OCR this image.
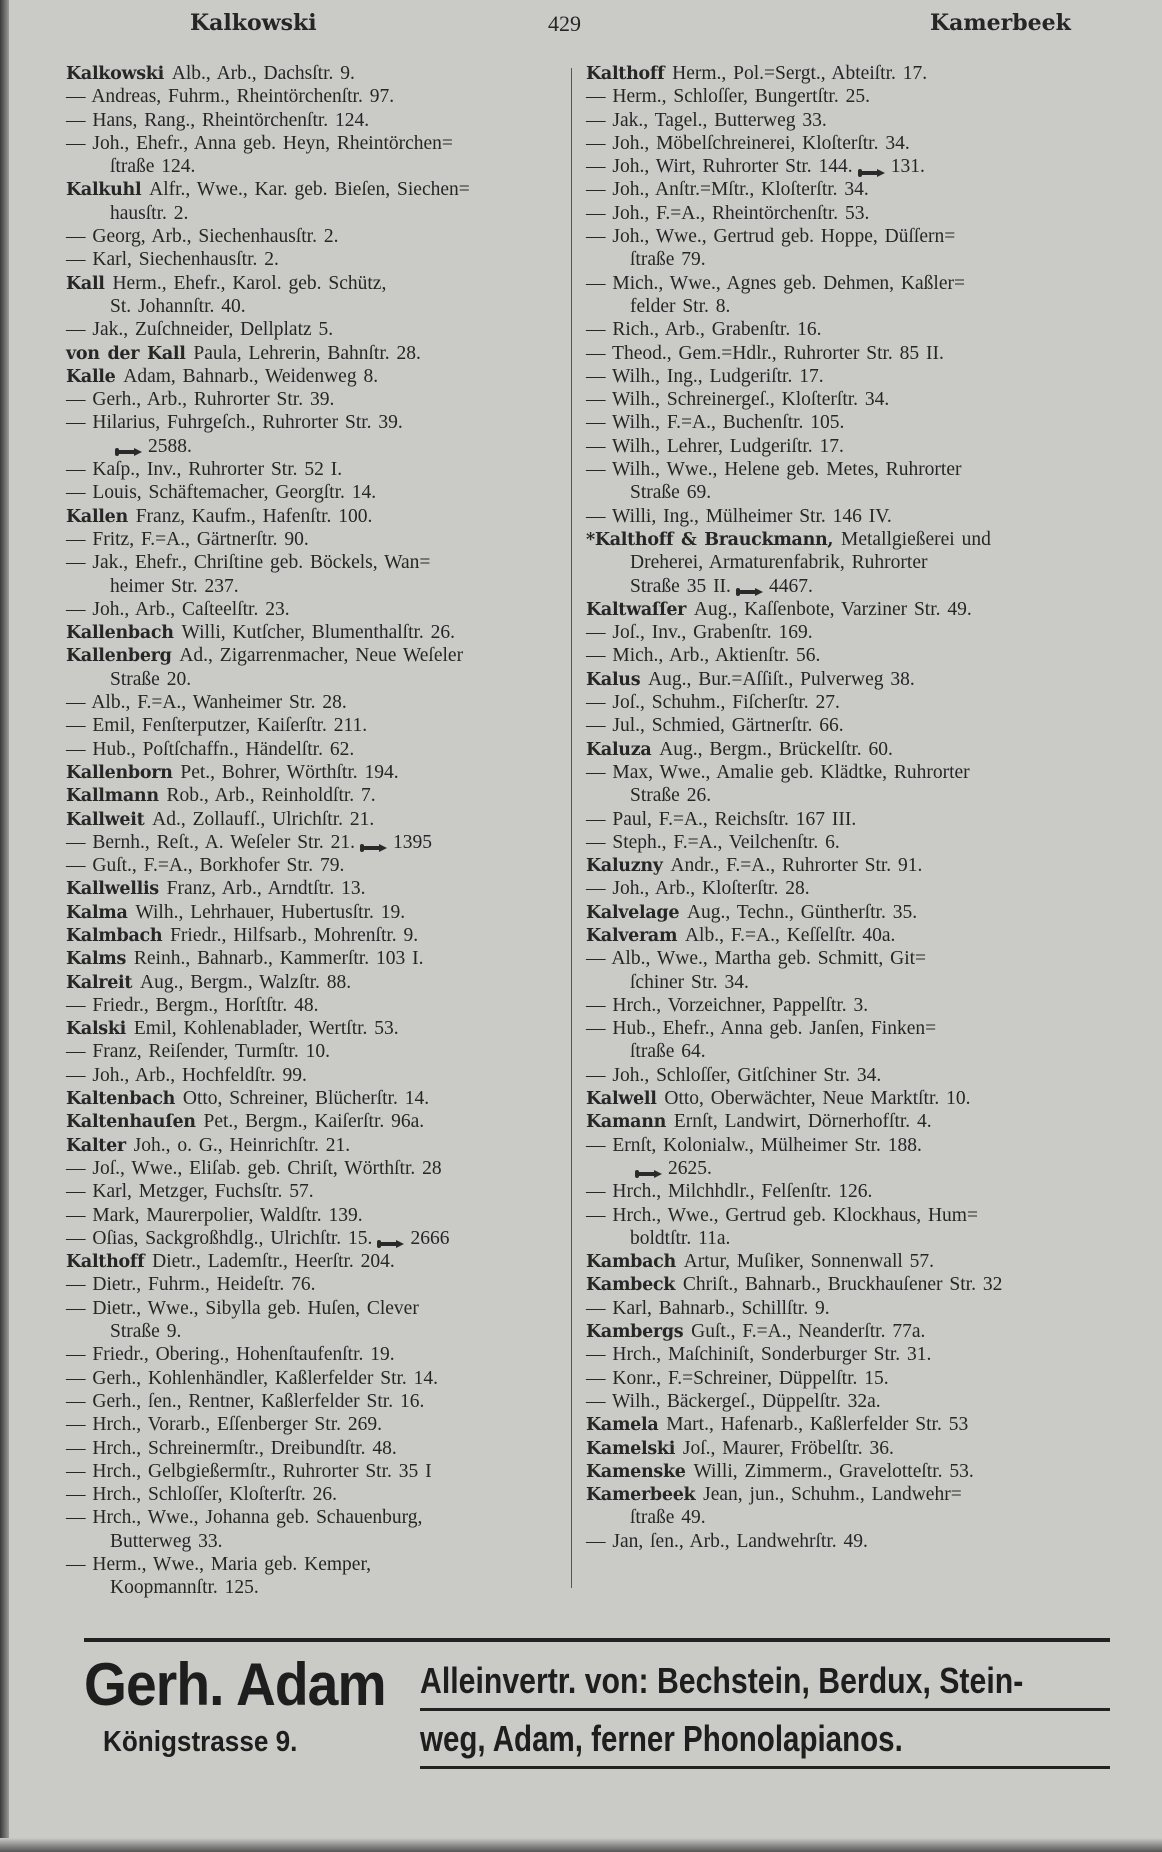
Kalkowski	429	Kamerbeek
Kalkowski Alb., Arb., Dachsſtr. 9.
— Andreas, Fuhrm., Rheintörchenſtr. 97.
— Hans, Rang., Rheintörchenſtr. 124.
— Joh., Ehefr., Anna geb. Heyn, Rheintörchen=
ſtraße 124.
Kalkuhl Alfr., Wwe., Kar. geb. Bieſen, Siechen=
hausſtr. 2.
— Georg, Arb., Siechenhausſtr. 2.
— Karl, Siechenhausſtr. 2.
Kall Herm., Ehefr., Karol. geb. Schütz,
St. Johannſtr. 40.
— Jak., Zuſchneider, Dellplatz 5.
von der Kall Paula, Lehrerin, Bahnſtr. 28.
Kalle Adam, Bahnarb., Weidenweg 8.
— Gerh., Arb., Ruhrorter Str. 39.
— Hilarius, Fuhrgeſch., Ruhrorter Str. 39.
2588.
— Kaſp., Inv., Ruhrorter Str. 52 I.
— Louis, Schäftemacher, Georgſtr. 14.
Kallen Franz, Kaufm., Hafenſtr. 100.
— Fritz, F.=A., Gärtnerſtr. 90.
— Jak., Ehefr., Chriſtine geb. Böckels, Wan=
heimer Str. 237.
— Joh., Arb., Caſteelſtr. 23.
Kallenbach Willi, Kutſcher, Blumenthalſtr. 26.
Kallenberg Ad., Zigarrenmacher, Neue Weſeler
Straße 20.
— Alb., F.=A., Wanheimer Str. 28.
— Emil, Fenſterputzer, Kaiſerſtr. 211.
— Hub., Poſtſchaffn., Händelſtr. 62.
Kallenborn Pet., Bohrer, Wörthſtr. 194.
Kallmann Rob., Arb., Reinholdſtr. 7.
Kallweit Ad., Zollaufſ., Ulrichſtr. 21.
— Bernh., Reſt., A. Weſeler Str. 21. 1395
— Guſt., F.=A., Borkhofer Str. 79.
Kallwellis Franz, Arb., Arndtſtr. 13.
Kalma Wilh., Lehrhauer, Hubertusſtr. 19.
Kalmbach Friedr., Hilfsarb., Mohrenſtr. 9.
Kalms Reinh., Bahnarb., Kammerſtr. 103 I.
Kalreit Aug., Bergm., Walzſtr. 88.
— Friedr., Bergm., Horſtſtr. 48.
Kalski Emil, Kohlenablader, Wertſtr. 53.
— Franz, Reiſender, Turmſtr. 10.
— Joh., Arb., Hochfeldſtr. 99.
Kaltenbach Otto, Schreiner, Blücherſtr. 14.
Kaltenhauſen Pet., Bergm., Kaiſerſtr. 96a.
Kalter Joh., o. G., Heinrichſtr. 21.
— Joſ., Wwe., Eliſab. geb. Chriſt, Wörthſtr. 28
— Karl, Metzger, Fuchsſtr. 57.
— Mark, Maurerpolier, Waldſtr. 139.
— Oſias, Sackgroßhdlg., Ulrichſtr. 15. 2666
Kalthoff Dietr., Lademſtr., Heerſtr. 204.
— Dietr., Fuhrm., Heideſtr. 76.
— Dietr., Wwe., Sibylla geb. Huſen, Clever
Straße 9.
— Friedr., Obering., Hohenſtaufenſtr. 19.
— Gerh., Kohlenhändler, Kaßlerfelder Str. 14.
— Gerh., ſen., Rentner, Kaßlerfelder Str. 16.
— Hrch., Vorarb., Eſſenberger Str. 269.
— Hrch., Schreinermſtr., Dreibundſtr. 48.
— Hrch., Gelbgießermſtr., Ruhrorter Str. 35 I
— Hrch., Schloſſer, Kloſterſtr. 26.
— Hrch., Wwe., Johanna geb. Schauenburg,
Butterweg 33.
— Herm., Wwe., Maria geb. Kemper,
Koopmannſtr. 125.
Kalthoff Herm., Pol.=Sergt., Abteiſtr. 17.
— Herm., Schloſſer, Bungertſtr. 25.
— Jak., Tagel., Butterweg 33.
— Joh., Möbelſchreinerei, Kloſterſtr. 34.
— Joh., Wirt, Ruhrorter Str. 144. 131.
— Joh., Anſtr.=Mſtr., Kloſterſtr. 34.
— Joh., F.=A., Rheintörchenſtr. 53.
— Joh., Wwe., Gertrud geb. Hoppe, Düſſern=
ſtraße 79.
— Mich., Wwe., Agnes geb. Dehmen, Kaßler=
felder Str. 8.
— Rich., Arb., Grabenſtr. 16.
— Theod., Gem.=Hdlr., Ruhrorter Str. 85 II.
— Wilh., Ing., Ludgeriſtr. 17.
— Wilh., Schreinergeſ., Kloſterſtr. 34.
— Wilh., F.=A., Buchenſtr. 105.
— Wilh., Lehrer, Ludgeriſtr. 17.
— Wilh., Wwe., Helene geb. Metes, Ruhrorter
Straße 69.
— Willi, Ing., Mülheimer Str. 146 IV.
*Kalthoff & Brauckmann, Metallgießerei und
Dreherei, Armaturenfabrik, Ruhrorter
Straße 35 II. 4467.
Kaltwaſſer Aug., Kaſſenbote, Varziner Str. 49.
— Joſ., Inv., Grabenſtr. 169.
— Mich., Arb., Aktienſtr. 56.
Kalus Aug., Bur.=Aſſiſt., Pulverweg 38.
— Joſ., Schuhm., Fiſcherſtr. 27.
— Jul., Schmied, Gärtnerſtr. 66.
Kaluza Aug., Bergm., Brückelſtr. 60.
— Max, Wwe., Amalie geb. Klädtke, Ruhrorter
Straße 26.
— Paul, F.=A., Reichsſtr. 167 III.
— Steph., F.=A., Veilchenſtr. 6.
Kaluzny Andr., F.=A., Ruhrorter Str. 91.
— Joh., Arb., Kloſterſtr. 28.
Kalvelage Aug., Techn., Güntherſtr. 35.
Kalveram Alb., F.=A., Keſſelſtr. 40a.
— Alb., Wwe., Martha geb. Schmitt, Git=
ſchiner Str. 34.
— Hrch., Vorzeichner, Pappelſtr. 3.
— Hub., Ehefr., Anna geb. Janſen, Finken=
ſtraße 64.
— Joh., Schloſſer, Gitſchiner Str. 34.
Kalwell Otto, Oberwächter, Neue Marktſtr. 10.
Kamann Ernſt, Landwirt, Dörnerhofſtr. 4.
— Ernſt, Kolonialw., Mülheimer Str. 188.
2625.
— Hrch., Milchhdlr., Felſenſtr. 126.
— Hrch., Wwe., Gertrud geb. Klockhaus, Hum=
boldtſtr. 11a.
Kambach Artur, Muſiker, Sonnenwall 57.
Kambeck Chriſt., Bahnarb., Bruckhauſener Str. 32
— Karl, Bahnarb., Schillſtr. 9.
Kambergs Guſt., F.=A., Neanderſtr. 77a.
— Hrch., Maſchiniſt, Sonderburger Str. 31.
— Konr., F.=Schreiner, Düppelſtr. 15.
— Wilh., Bäckergeſ., Düppelſtr. 32a.
Kamela Mart., Hafenarb., Kaßlerfelder Str. 53
Kamelski Joſ., Maurer, Fröbelſtr. 36.
Kamenske Willi, Zimmerm., Gravelotteſtr. 53.
Kamerbeek Jean, jun., Schuhm., Landwehr=
ſtraße 49.
— Jan, ſen., Arb., Landwehrſtr. 49.
Gerh. Adam
Königstrasse 9.
Alleinvertr. von: Bechstein, Berdux, Stein-
weg, Adam, ferner Phonolapianos.
